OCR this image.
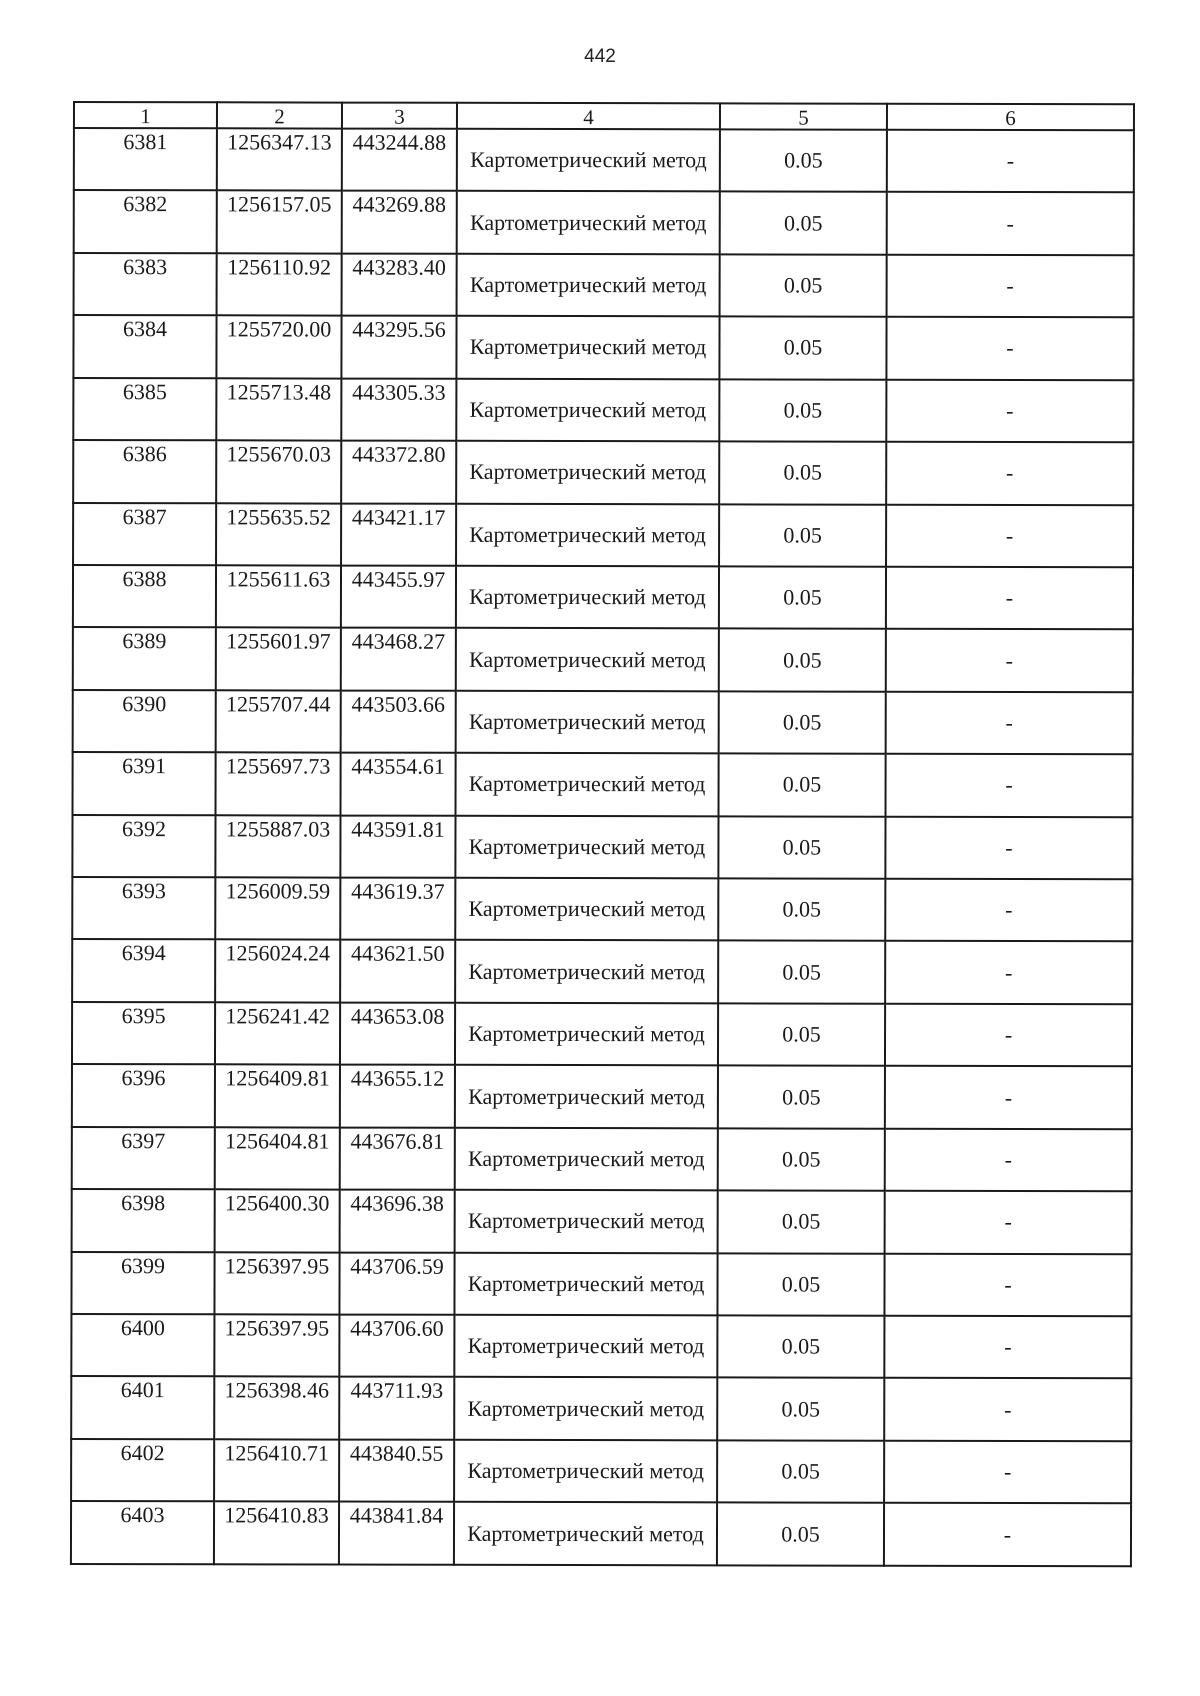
442
1	2	3	4	5	6
6381	1256347.13	443244.88	Картометрический метод	0.05	-
6382	1256157.05	443269.88	Картометрический метод	0.05	-
6383	1256110.92	443283.40	Картометрический метод	0.05	-
6384	1255720.00	443295.56	Картометрический метод	0.05	-
6385	1255713.48	443305.33	Картометрический метод	0.05	-
6386	1255670.03	443372.80	Картометрический метод	0.05	-
6387	1255635.52	443421.17	Картометрический метод	0.05	-
6388	1255611.63	443455.97	Картометрический метод	0.05	-
6389	1255601.97	443468.27	Картометрический метод	0.05	-
6390	1255707.44	443503.66	Картометрический метод	0.05	-
6391	1255697.73	443554.61	Картометрический метод	0.05	-
6392	1255887.03	443591.81	Картометрический метод	0.05	-
6393	1256009.59	443619.37	Картометрический метод	0.05	-
6394	1256024.24	443621.50	Картометрический метод	0.05	-
6395	1256241.42	443653.08	Картометрический метод	0.05	-
6396	1256409.81	443655.12	Картометрический метод	0.05	-
6397	1256404.81	443676.81	Картометрический метод	0.05	-
6398	1256400.30	443696.38	Картометрический метод	0.05	-
6399	1256397.95	443706.59	Картометрический метод	0.05	-
6400	1256397.95	443706.60	Картометрический метод	0.05	-
6401	1256398.46	443711.93	Картометрический метод	0.05	-
6402	1256410.71	443840.55	Картометрический метод	0.05	-
6403	1256410.83	443841.84	Картометрический метод	0.05	-
